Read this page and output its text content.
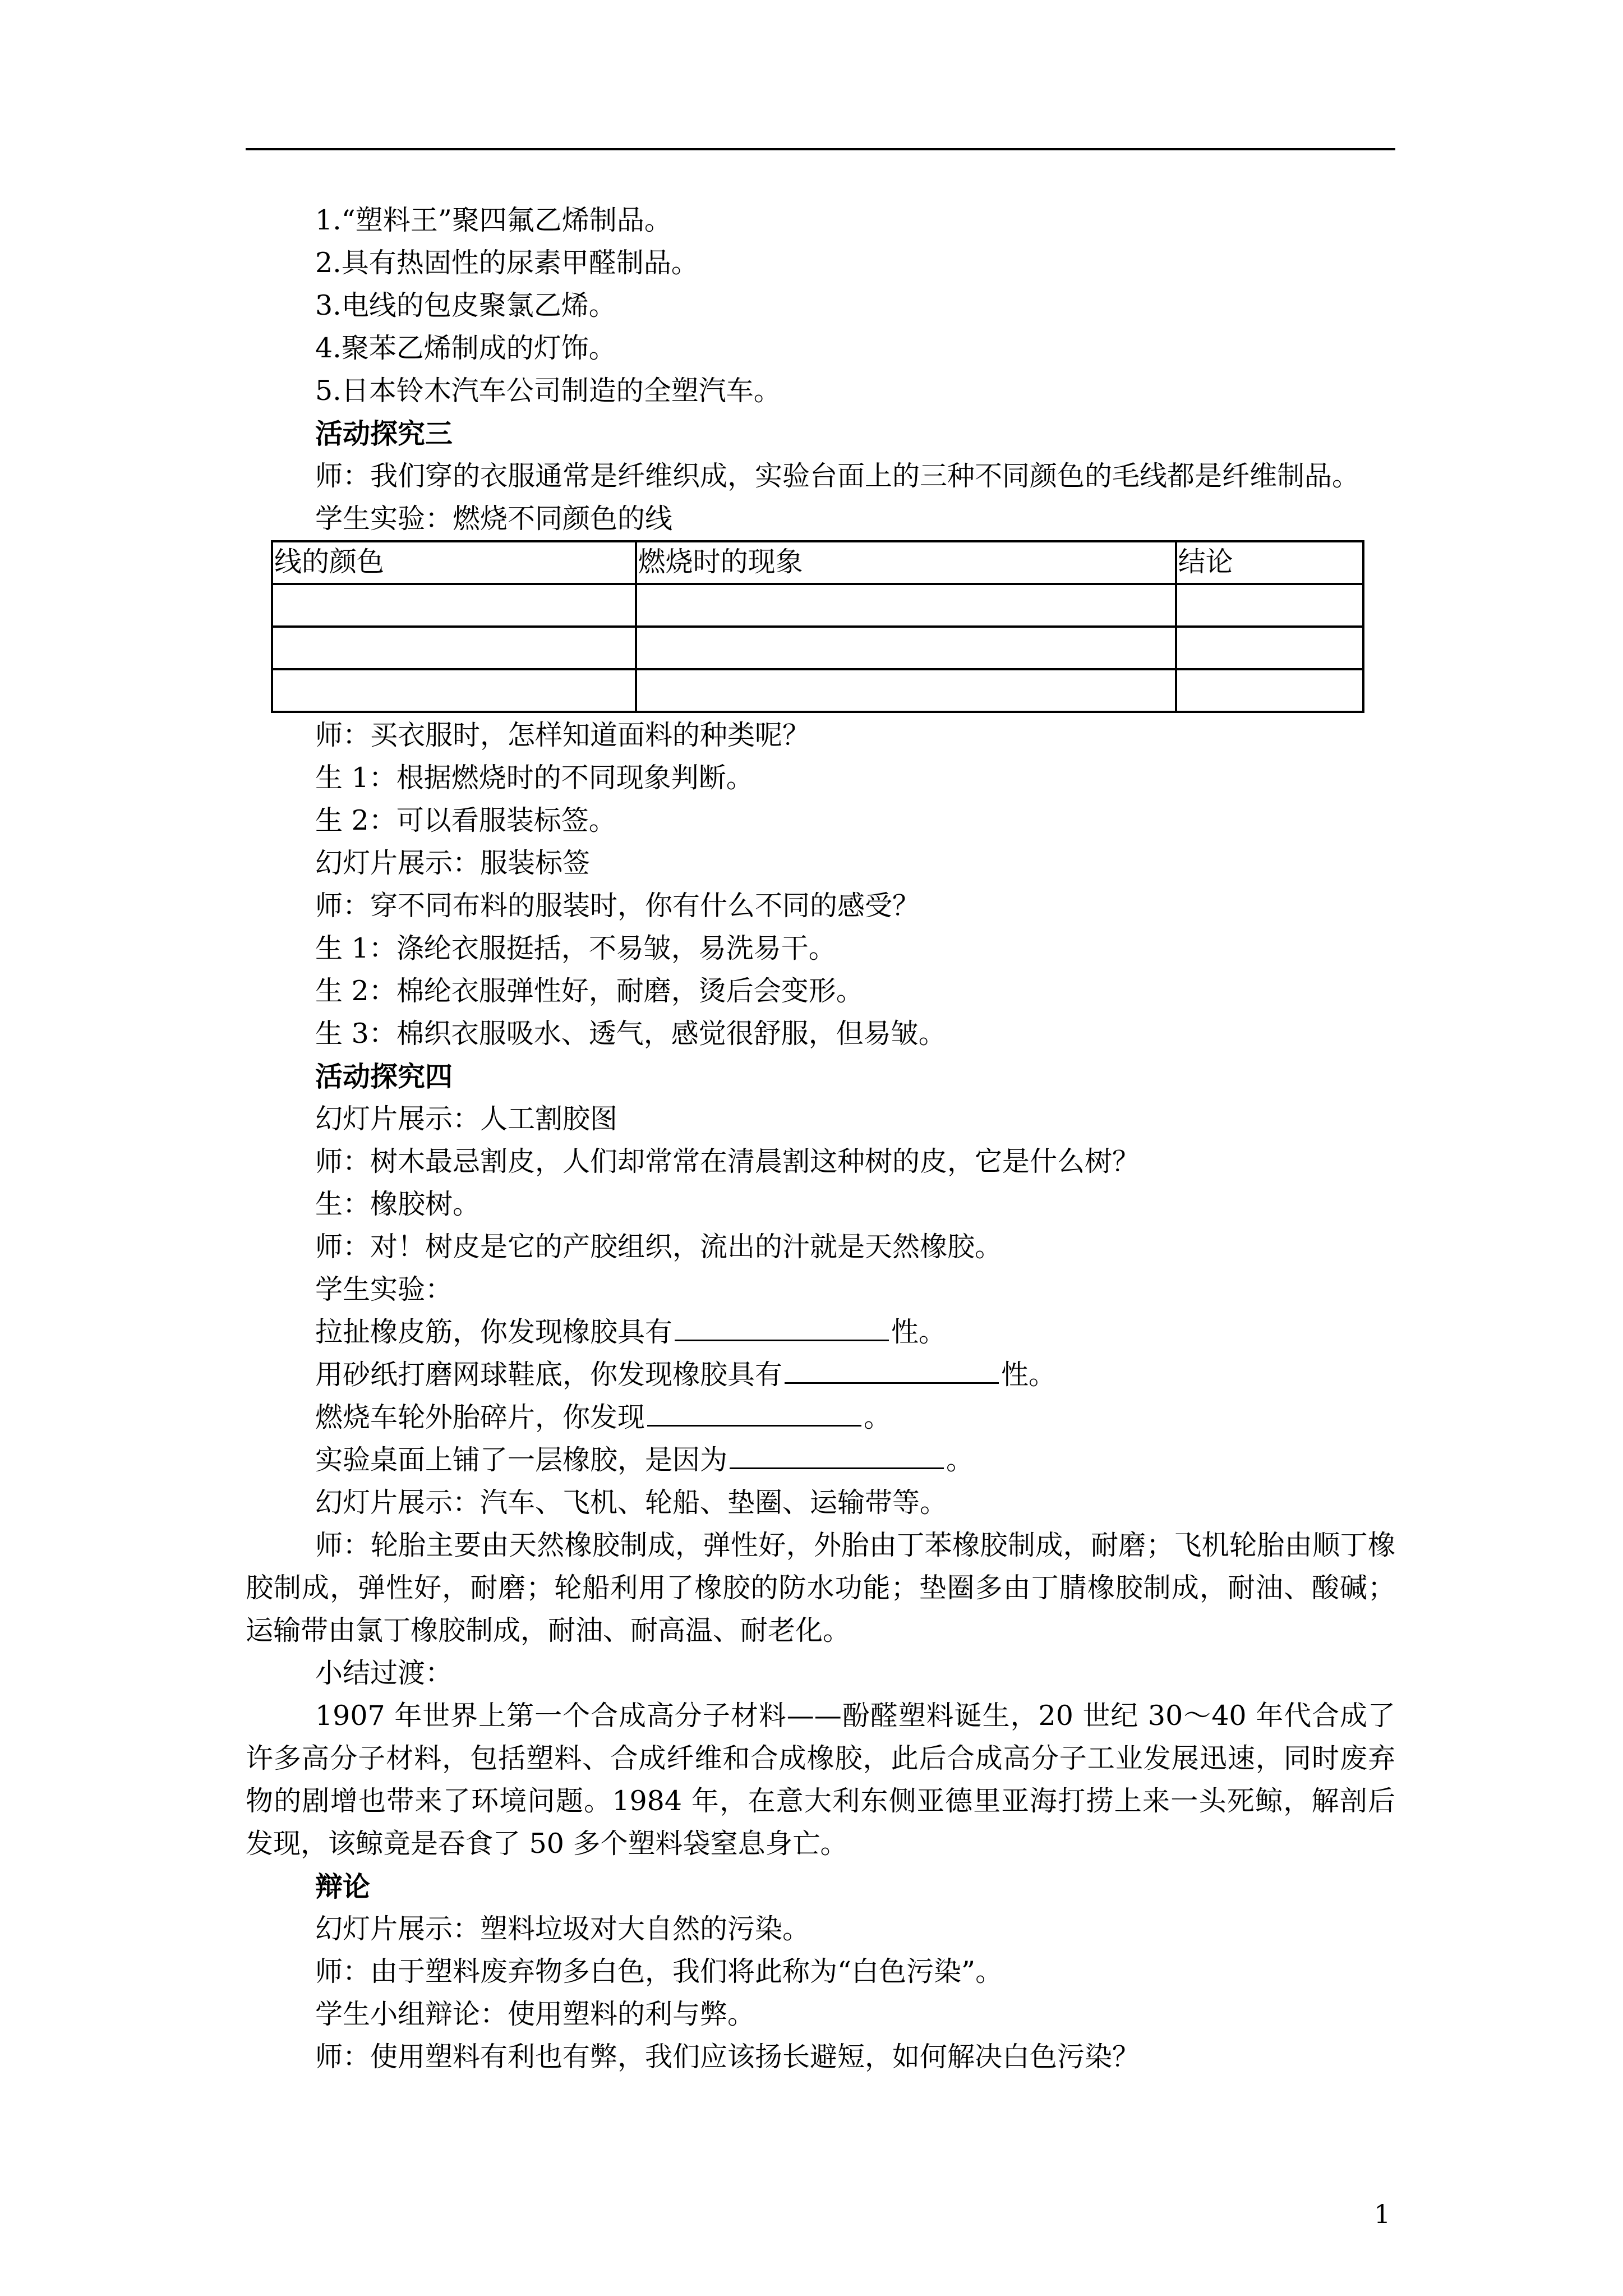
1.“塑料王”聚四氟乙烯制品。

2.具有热固性的尿素甲醛制品。

3.电线的包皮聚氯乙烯。

4.聚苯乙烯制成的灯饰。

5.日本铃木汽车公司制造的全塑汽车。

活动探究三

师：我们穿的衣服通常是纤维织成，实验台面上的三种不同颜色的毛线都是纤维制品。

学生实验：燃烧不同颜色的线

线的颜色	燃烧时的现象	结论

师：买衣服时，怎样知道面料的种类呢？

生 1：根据燃烧时的不同现象判断。

生 2：可以看服装标签。

幻灯片展示：服装标签

师：穿不同布料的服装时，你有什么不同的感受？

生 1：涤纶衣服挺括，不易皱，易洗易干。

生 2：棉纶衣服弹性好，耐磨，烫后会变形。

生 3：棉织衣服吸水、透气，感觉很舒服，但易皱。

活动探究四

幻灯片展示：人工割胶图

师：树木最忌割皮，人们却常常在清晨割这种树的皮，它是什么树？

生：橡胶树。

师：对！树皮是它的产胶组织，流出的汁就是天然橡胶。

学生实验：

拉扯橡皮筋，你发现橡胶具有	性。

用砂纸打磨网球鞋底，你发现橡胶具有	性。

燃烧车轮外胎碎片，你发现	。

实验桌面上铺了一层橡胶，是因为	。

幻灯片展示：汽车、飞机、轮船、垫圈、运输带等。

师：轮胎主要由天然橡胶制成，弹性好，外胎由丁苯橡胶制成，耐磨；飞机轮胎由顺丁橡胶制成，弹性好，耐磨；轮船利用了橡胶的防水功能；垫圈多由丁腈橡胶制成，耐油、酸碱；运输带由氯丁橡胶制成，耐油、耐高温、耐老化。

小结过渡：

1907 年世界上第一个合成高分子材料——酚醛塑料诞生，20 世纪 30～40 年代合成了许多高分子材料，包括塑料、合成纤维和合成橡胶，此后合成高分子工业发展迅速，同时废弃物的剧增也带来了环境问题。1984 年，在意大利东侧亚德里亚海打捞上来一头死鲸，解剖后发现，该鲸竟是吞食了 50 多个塑料袋窒息身亡。

辩论

幻灯片展示：塑料垃圾对大自然的污染。

师：由于塑料废弃物多白色，我们将此称为“白色污染”。

学生小组辩论：使用塑料的利与弊。

师：使用塑料有利也有弊，我们应该扬长避短，如何解决白色污染？

1
